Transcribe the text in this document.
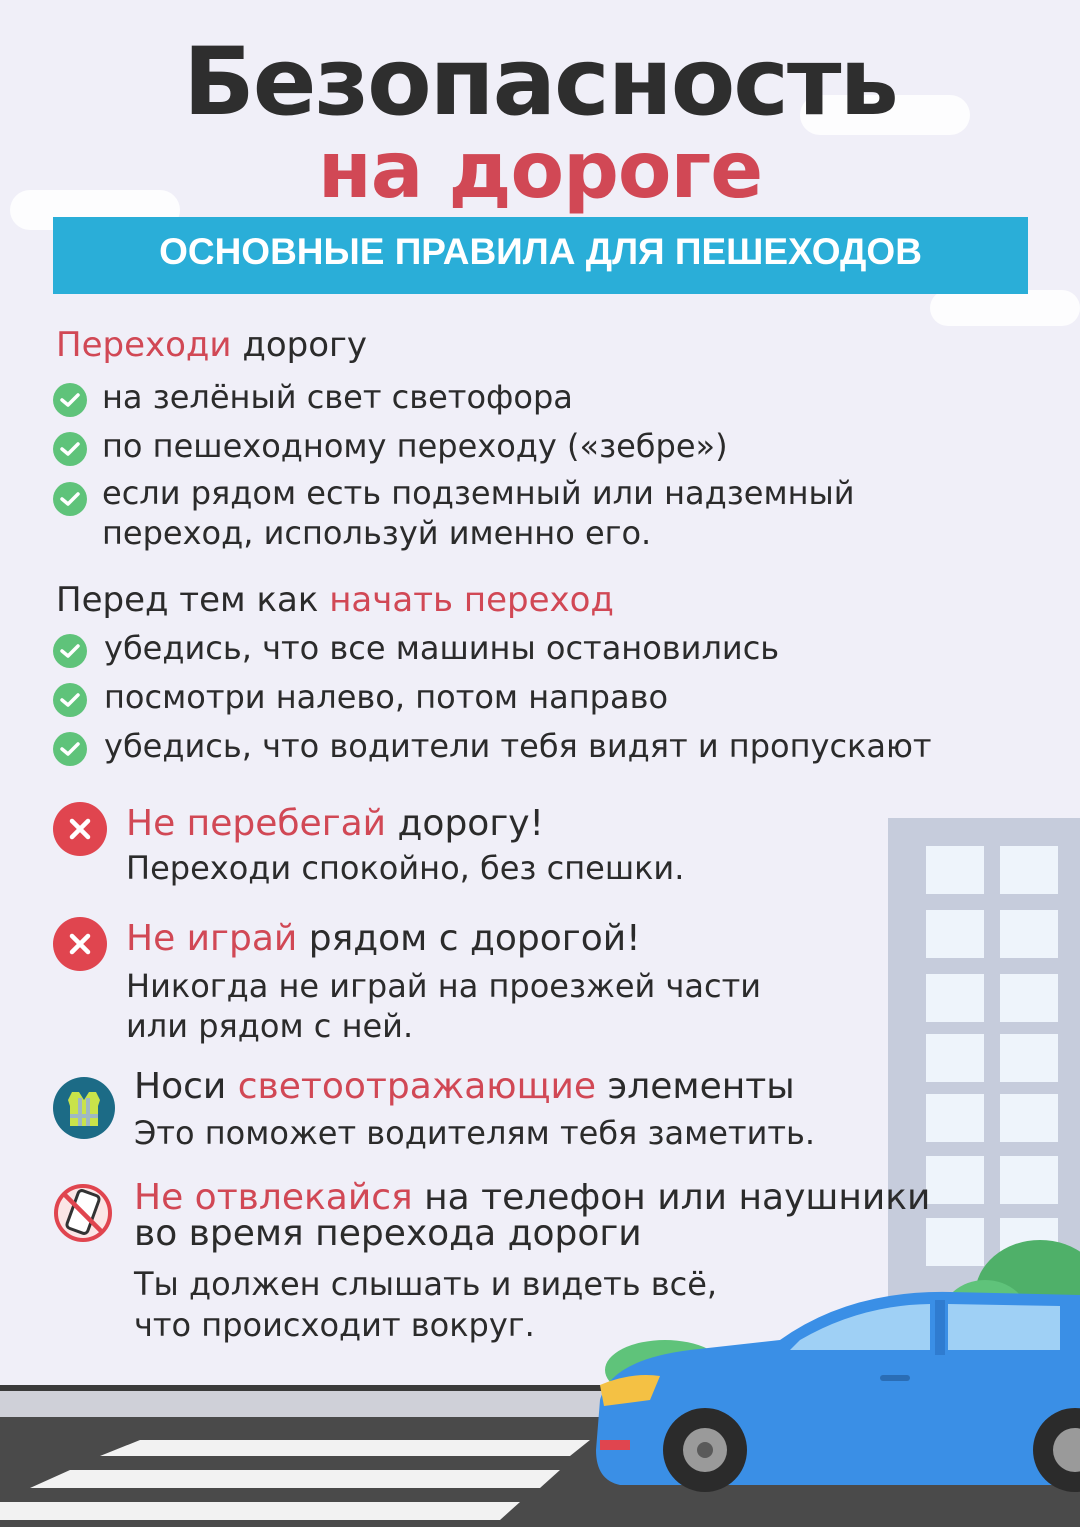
Безопасность
на дороге
ОСНОВНЫЕ ПРАВИЛА ДЛЯ ПЕШЕХОДОВ
Переходи дорогу
на зелёный свет светофора
по пешеходному переходу («зебре»)
если рядом есть подземный или надземный
переход, используй именно его.
Перед тем как начать переход
убедись, что все машины остановились
посмотри налево, потом направо
убедись, что водители тебя видят и пропускают
Не перебегай дорогу!
Переходи спокойно, без спешки.
Не играй рядом с дорогой!
Никогда не играй на проезжей части
или рядом с ней.
Носи светоотражающие элементы
Это поможет водителям тебя заметить.
Не отвлекайся на телефон или наушники
во время перехода дороги
Ты должен слышать и видеть всё,
что происходит вокруг.
